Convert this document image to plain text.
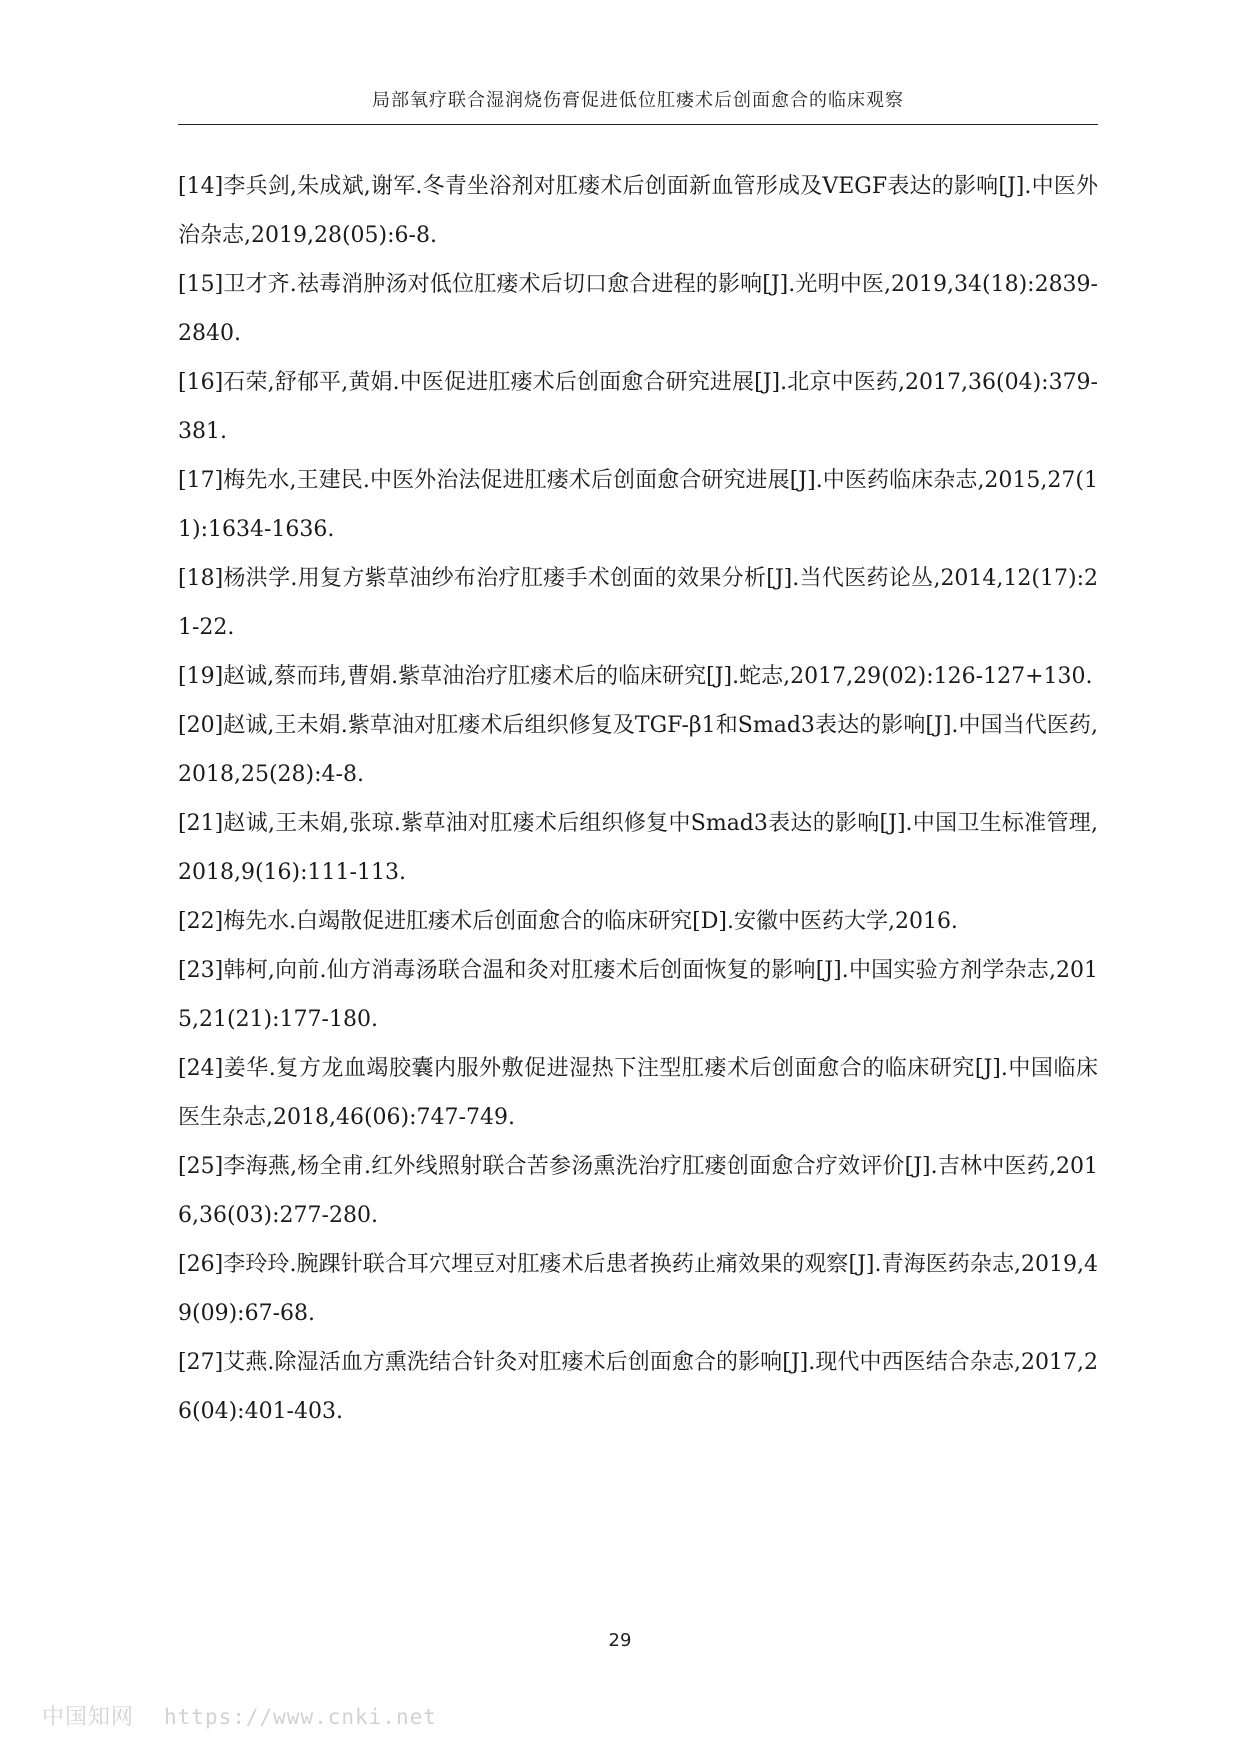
局部氧疗联合湿润烧伤膏促进低位肛瘘术后创面愈合的临床观察

[14]李兵剑,朱成斌,谢军.冬青坐浴剂对肛瘘术后创面新血管形成及VEGF表达的影响[J].中医外治杂志,2019,28(05):6-8.

[15]卫才齐.祛毒消肿汤对低位肛瘘术后切口愈合进程的影响[J].光明中医,2019,34(18):2839-2840.

[16]石荣,舒郁平,黄娟.中医促进肛瘘术后创面愈合研究进展[J].北京中医药,2017,36(04):379-381.

[17]梅先水,王建民.中医外治法促进肛瘘术后创面愈合研究进展[J].中医药临床杂志,2015,27(11):1634-1636.

[18]杨洪学.用复方紫草油纱布治疗肛瘘手术创面的效果分析[J].当代医药论丛,2014,12(17):21-22.

[19]赵诚,蔡而玮,曹娟.紫草油治疗肛瘘术后的临床研究[J].蛇志,2017,29(02):126-127+130.

[20]赵诚,王未娟.紫草油对肛瘘术后组织修复及TGF-β1和Smad3表达的影响[J].中国当代医药,2018,25(28):4-8.

[21]赵诚,王未娟,张琼.紫草油对肛瘘术后组织修复中Smad3表达的影响[J].中国卫生标准管理,2018,9(16):111-113.

[22]梅先水.白竭散促进肛瘘术后创面愈合的临床研究[D].安徽中医药大学,2016.

[23]韩柯,向前.仙方消毒汤联合温和灸对肛瘘术后创面恢复的影响[J].中国实验方剂学杂志,2015,21(21):177-180.

[24]姜华.复方龙血竭胶囊内服外敷促进湿热下注型肛瘘术后创面愈合的临床研究[J].中国临床医生杂志,2018,46(06):747-749.

[25]李海燕,杨全甫.红外线照射联合苦参汤熏洗治疗肛瘘创面愈合疗效评价[J].吉林中医药,2016,36(03):277-280.

[26]李玲玲.腕踝针联合耳穴埋豆对肛瘘术后患者换药止痛效果的观察[J].青海医药杂志,2019,49(09):67-68.

[27]艾燕.除湿活血方熏洗结合针灸对肛瘘术后创面愈合的影响[J].现代中西医结合杂志,2017,26(04):401-403.

29
中国知网 https://www.cnki.net
